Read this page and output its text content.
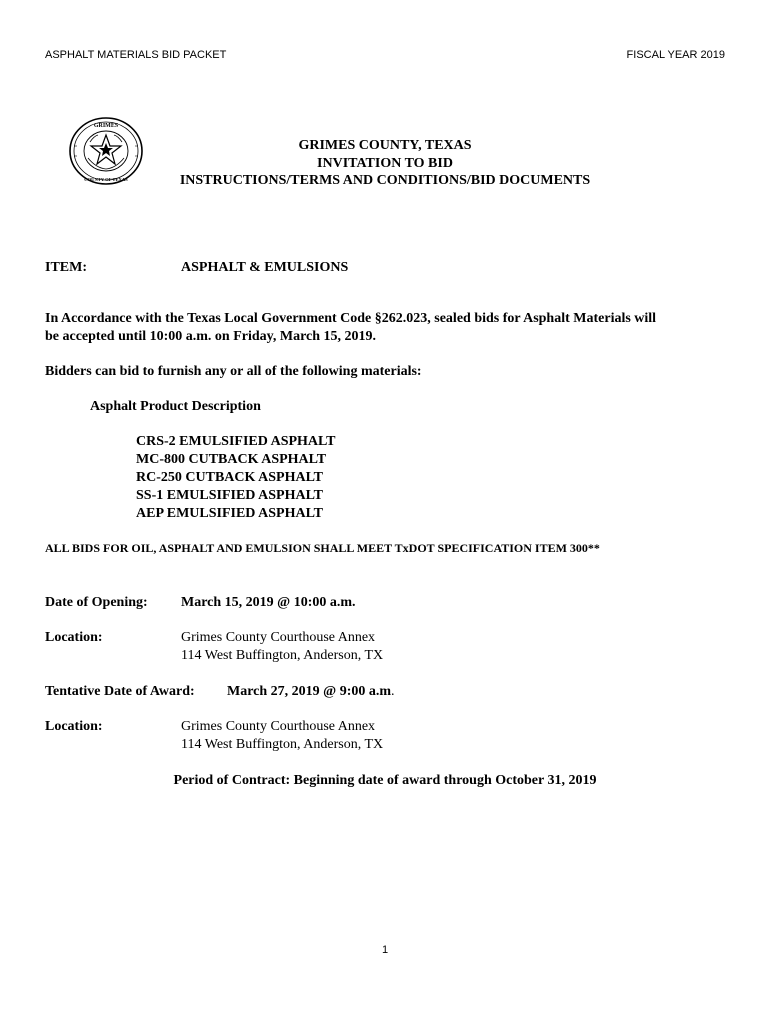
ASPHALT MATERIALS BID PACKET	FISCAL YEAR 2019
GRIMES
COUNTY OF TEXAS
GRIMES COUNTY, TEXAS
INVITATION TO BID
INSTRUCTIONS/TERMS AND CONDITIONS/BID DOCUMENTS
ITEM:	ASPHALT & EMULSIONS
In Accordance with the Texas Local Government Code §262.023, sealed bids for Asphalt Materials will
be accepted until 10:00 a.m. on Friday, March 15, 2019.
Bidders can bid to furnish any or all of the following materials:
Asphalt Product Description
CRS-2 EMULSIFIED ASPHALT
MC-800 CUTBACK ASPHALT
RC-250 CUTBACK ASPHALT
SS-1 EMULSIFIED ASPHALT
AEP EMULSIFIED ASPHALT
ALL BIDS FOR OIL, ASPHALT AND EMULSION SHALL MEET TxDOT SPECIFICATION ITEM 300**
Date of Opening: March 15, 2019 @ 10:00 a.m.
Location:	Grimes County Courthouse Annex
114 West Buffington, Anderson, TX
Tentative Date of Award: March 27, 2019 @ 9:00 a.m.
Location:	Grimes County Courthouse Annex
114 West Buffington, Anderson, TX
Period of Contract: Beginning date of award through October 31, 2019
1
